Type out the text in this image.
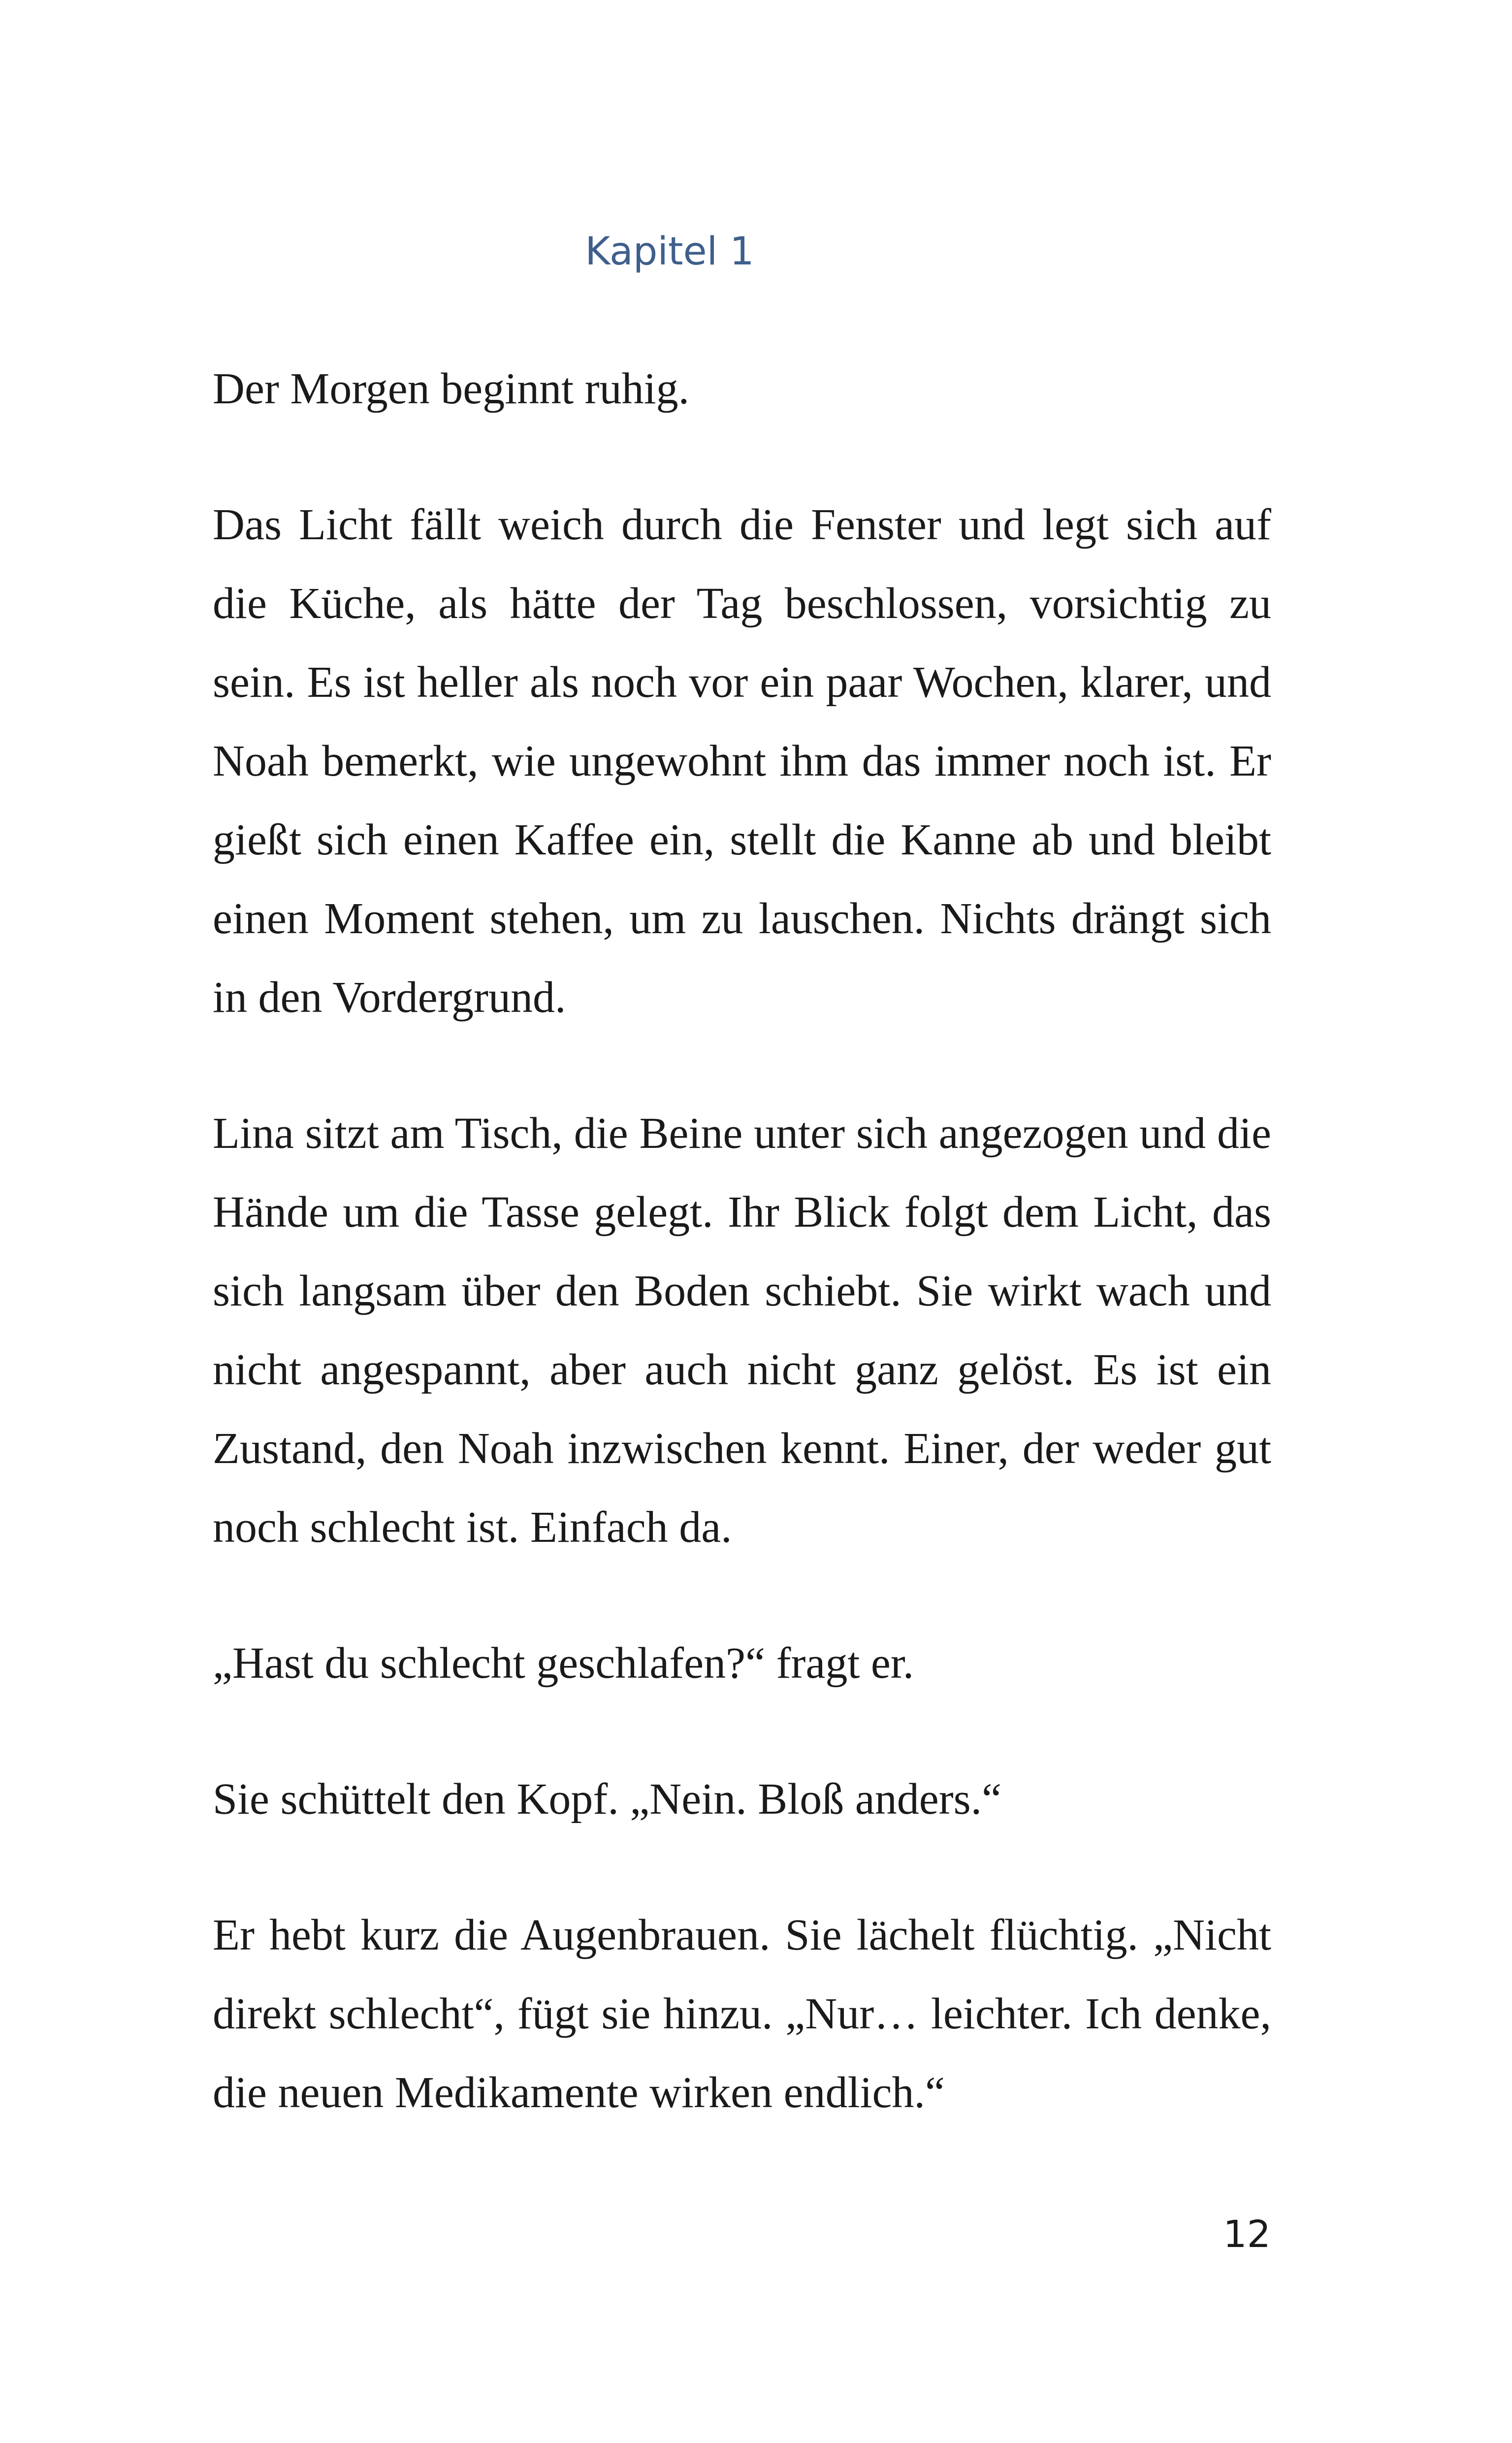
Kapitel 1

Der Morgen beginnt ruhig.

Das Licht fällt weich durch die Fenster und legt sich auf die Küche, als hätte der Tag beschlossen, vorsichtig zu sein. Es ist heller als noch vor ein paar Wochen, klarer, und Noah bemerkt, wie ungewohnt ihm das immer noch ist. Er gießt sich einen Kaffee ein, stellt die Kanne ab und bleibt einen Moment stehen, um zu lauschen. Nichts drängt sich in den Vordergrund.

Lina sitzt am Tisch, die Beine unter sich angezogen und die Hände um die Tasse gelegt. Ihr Blick folgt dem Licht, das sich langsam über den Boden schiebt. Sie wirkt wach und nicht angespannt, aber auch nicht ganz gelöst. Es ist ein Zustand, den Noah inzwischen kennt. Einer, der weder gut noch schlecht ist. Einfach da.

„Hast du schlecht geschlafen?“ fragt er.

Sie schüttelt den Kopf. „Nein. Bloß anders.“

Er hebt kurz die Augenbrauen. Sie lächelt flüchtig. „Nicht direkt schlecht“, fügt sie hinzu. „Nur… leichter. Ich denke, die neuen Medikamente wirken endlich.“

12
